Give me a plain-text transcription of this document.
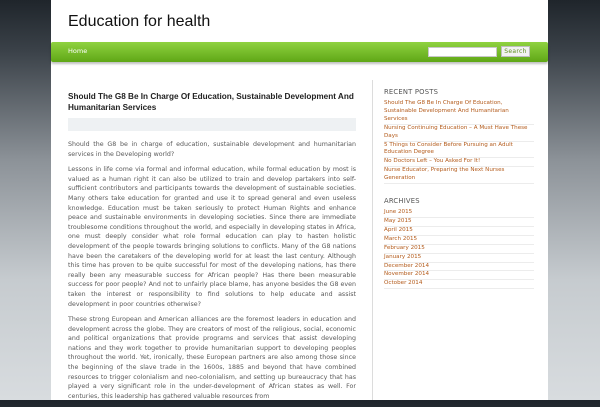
Education for health
Home	Search
Should The G8 Be In Charge Of Education, Sustainable Development And Humanitarian Services

Should the G8 be in charge of education, sustainable development and humanitarian services in the Developing world?

Lessons in life come via formal and informal education, while formal education by most is valued as a human right it can also be utilized to train and develop partakers into self-sufficient contributors and participants towards the development of sustainable societies. Many others take education for granted and use it to spread general and even useless knowledge. Education must be taken seriously to protect Human Rights and enhance peace and sustainable environments in developing societies. Since there are immediate troublesome conditions throughout the world, and especially in developing states in Africa, one must deeply consider what role formal education can play to hasten holistic development of the people towards bringing solutions to conflicts. Many of the G8 nations have been the caretakers of the developing world for at least the last century. Although this time has proven to be quite successful for most of the developing nations, has there really been any measurable success for African people? Has there been measurable success for poor people? And not to unfairly place blame, has anyone besides the G8 even taken the interest or responsibility to find solutions to help educate and assist development in poor countries otherwise?

These strong European and American alliances are the foremost leaders in education and development across the globe. They are creators of most of the religious, social, economic and political organizations that provide programs and services that assist developing nations and they work together to provide humanitarian support to developing peoples throughout the world. Yet, ironically, these European partners are also among those since the beginning of the slave trade in the 1600s, 1885 and beyond that have combined resources to trigger colonialism and neo-colonialism, and setting up bureaucracy that has played a very significant role in the under-development of African states as well. For centuries, this leadership has gathered valuable resources from

RECENT POSTS
Should The G8 Be In Charge Of Education, Sustainable Development And Humanitarian Services
Nursing Continuing Education – A Must Have These Days
5 Things to Consider Before Pursuing an Adult Education Degree
No Doctors Left – You Asked For It!
Nurse Educator, Preparing the Next Nurses Generation
ARCHIVES
June 2015
May 2015
April 2015
March 2015
February 2015
January 2015
December 2014
November 2014
October 2014
